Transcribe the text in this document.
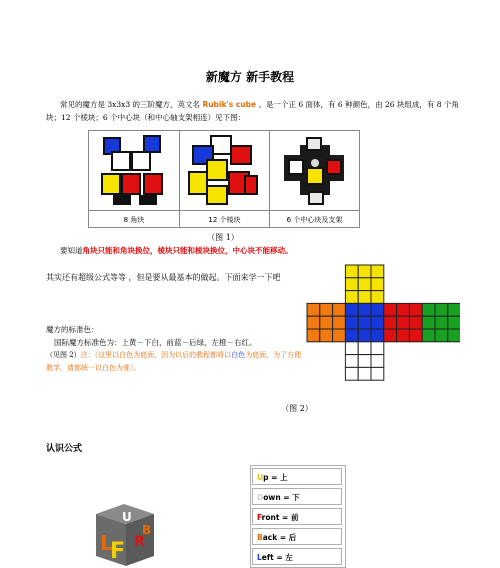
新魔方 新手教程
常见的魔方是 3x3x3 的三阶魔方，英文名 Rubik's cube 。是一个正 6 面体，有 6 种颜色，由 26 块组成，有 8 个角块；12 个棱块；6 个中心块（和中心轴支架相连）见下图：
8 角块	12 个棱块	6 个中心块及支架
（图 1）
要知道角块只能和角块换位，棱块只能和棱块换位，中心块不能移动。
其实还有超级公式等等 ，但是要从最基本的做起。下面来学一下吧
魔方的标准色：
国际魔方标准色为：上黄－下白，前蓝－后绿，左橙－右红。
（见图 2）注：（这里以白色为底面，因为以后的教程都将以白色为底面，为了方便教学，请都统一以白色为准）。
（图 2）
认识公式
U
L
F R
B
Up = 上
Down = 下
Front = 前
Back = 后
Left = 左
